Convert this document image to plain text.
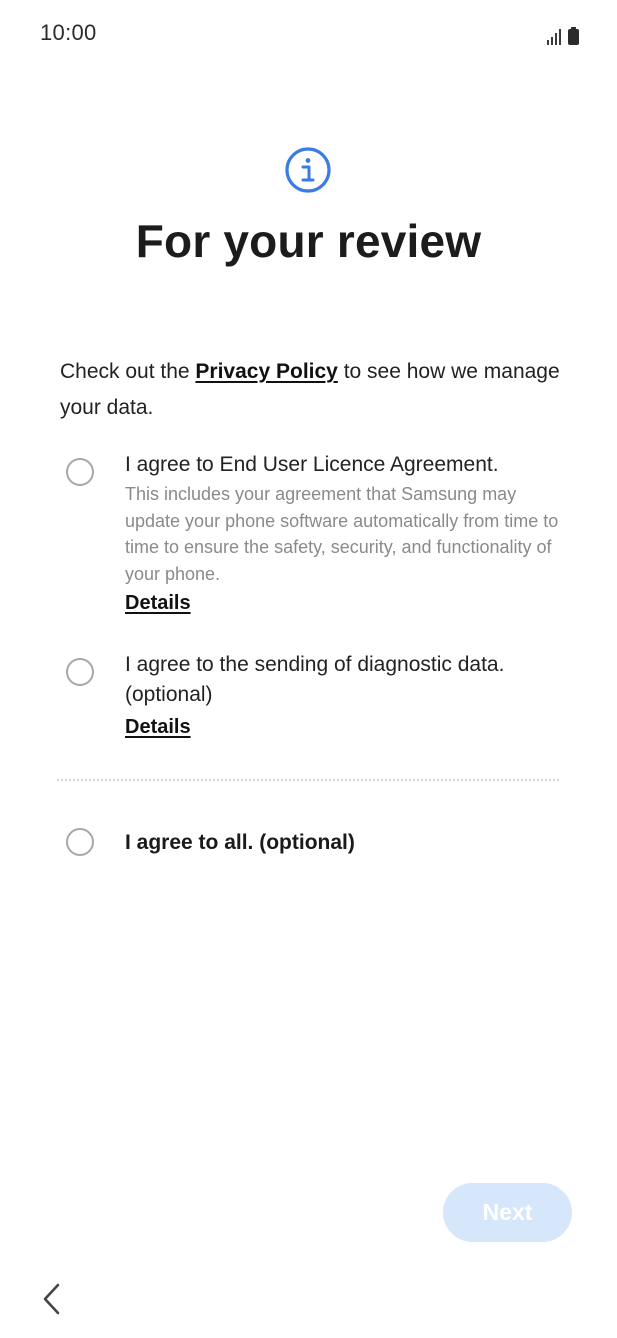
10:00
For your review
Check out the Privacy Policy to see how we manage your data.
I agree to End User Licence Agreement.
This includes your agreement that Samsung may update your phone software automatically from time to time to ensure the safety, security, and functionality of your phone.
Details
I agree to the sending of diagnostic data. (optional)
Details
I agree to all. (optional)
Next
